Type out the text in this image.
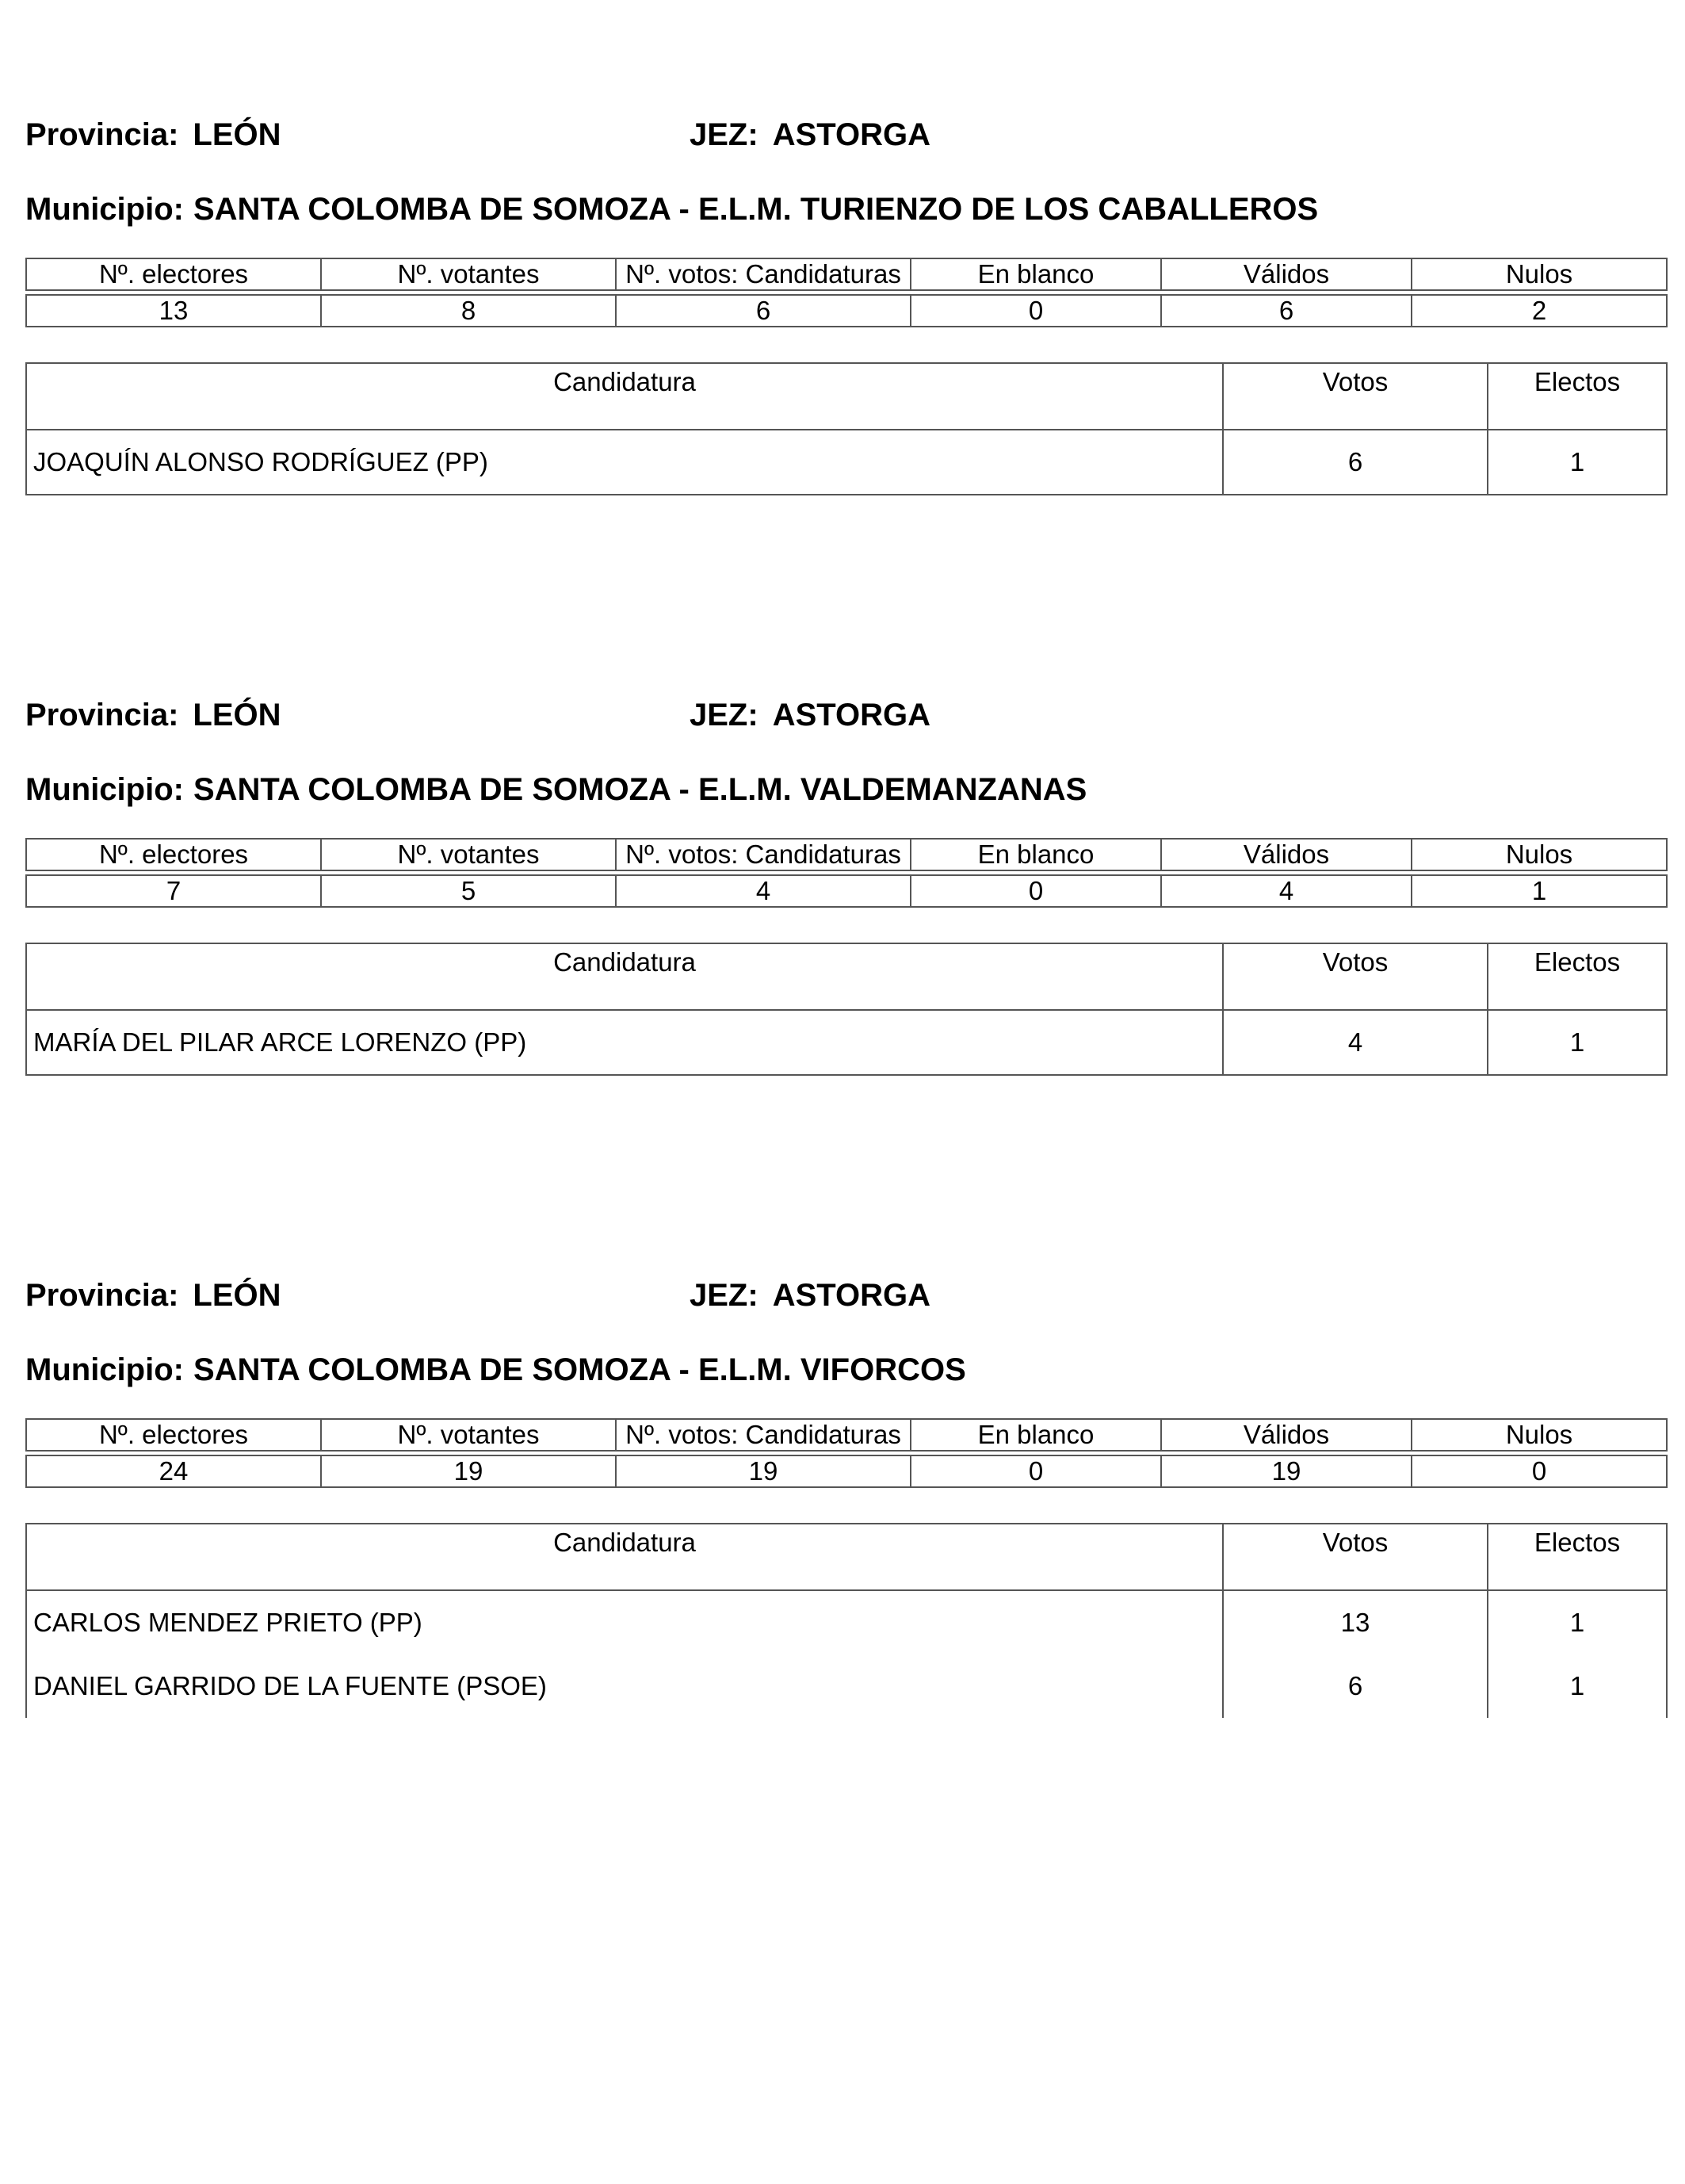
Provincia: LEÓN	JEZ: ASTORGA
Municipio: SANTA COLOMBA DE SOMOZA - E.L.M. TURIENZO DE LOS CABALLEROS
Nº. electores	Nº. votantes	Nº. votos: Candidaturas	En blanco	Válidos	Nulos

13	8	6	0	6	2
Candidatura	Votos	Electos
JOAQUÍN ALONSO RODRÍGUEZ (PP)	6	1
Provincia: LEÓN	JEZ: ASTORGA
Municipio: SANTA COLOMBA DE SOMOZA - E.L.M. VALDEMANZANAS
Nº. electores	Nº. votantes	Nº. votos: Candidaturas	En blanco	Válidos	Nulos

7	5	4	0	4	1
Candidatura	Votos	Electos
MARÍA DEL PILAR ARCE LORENZO (PP)	4	1
Provincia: LEÓN	JEZ: ASTORGA
Municipio: SANTA COLOMBA DE SOMOZA - E.L.M. VIFORCOS
Nº. electores	Nº. votantes	Nº. votos: Candidaturas	En blanco	Válidos	Nulos

24	19	19	0	19	0
Candidatura	Votos	Electos
CARLOS MENDEZ PRIETO (PP)	13	1
DANIEL GARRIDO DE LA FUENTE (PSOE)	6	1
